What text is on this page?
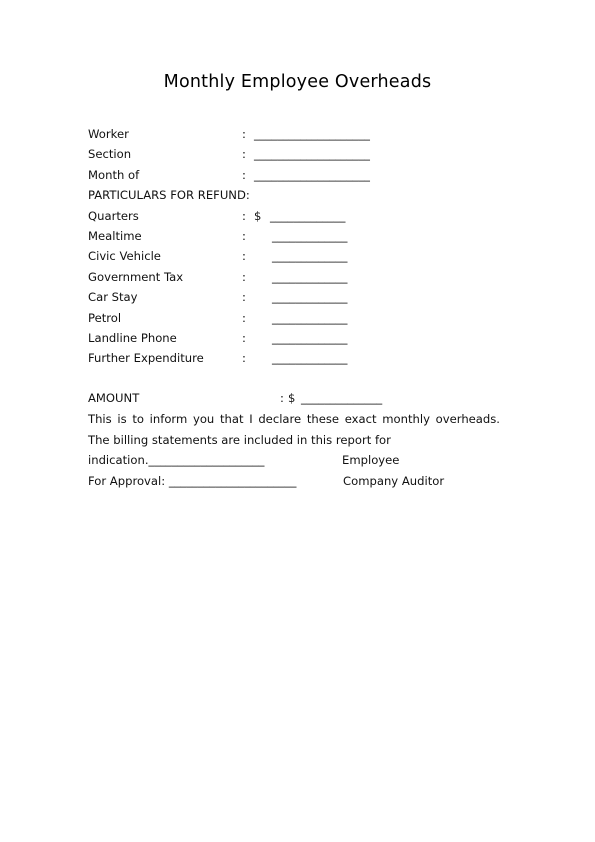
Monthly Employee Overheads
Worker	: ____________________
Section	: ____________________
Month of	: ____________________
PARTICULARS FOR REFUND:
Quarters	: $ _____________
Mealtime	: _____________
Civic Vehicle	: _____________
Government Tax	: _____________
Car Stay	: _____________
Petrol	: _____________
Landline Phone	: _____________
Further Expenditure	: _____________
AMOUNT	: $ ______________
This is to inform you that I declare these exact monthly overheads. The billing statements are included in this report for
indication.____________________	Employee
For Approval: ______________________	Company Auditor
